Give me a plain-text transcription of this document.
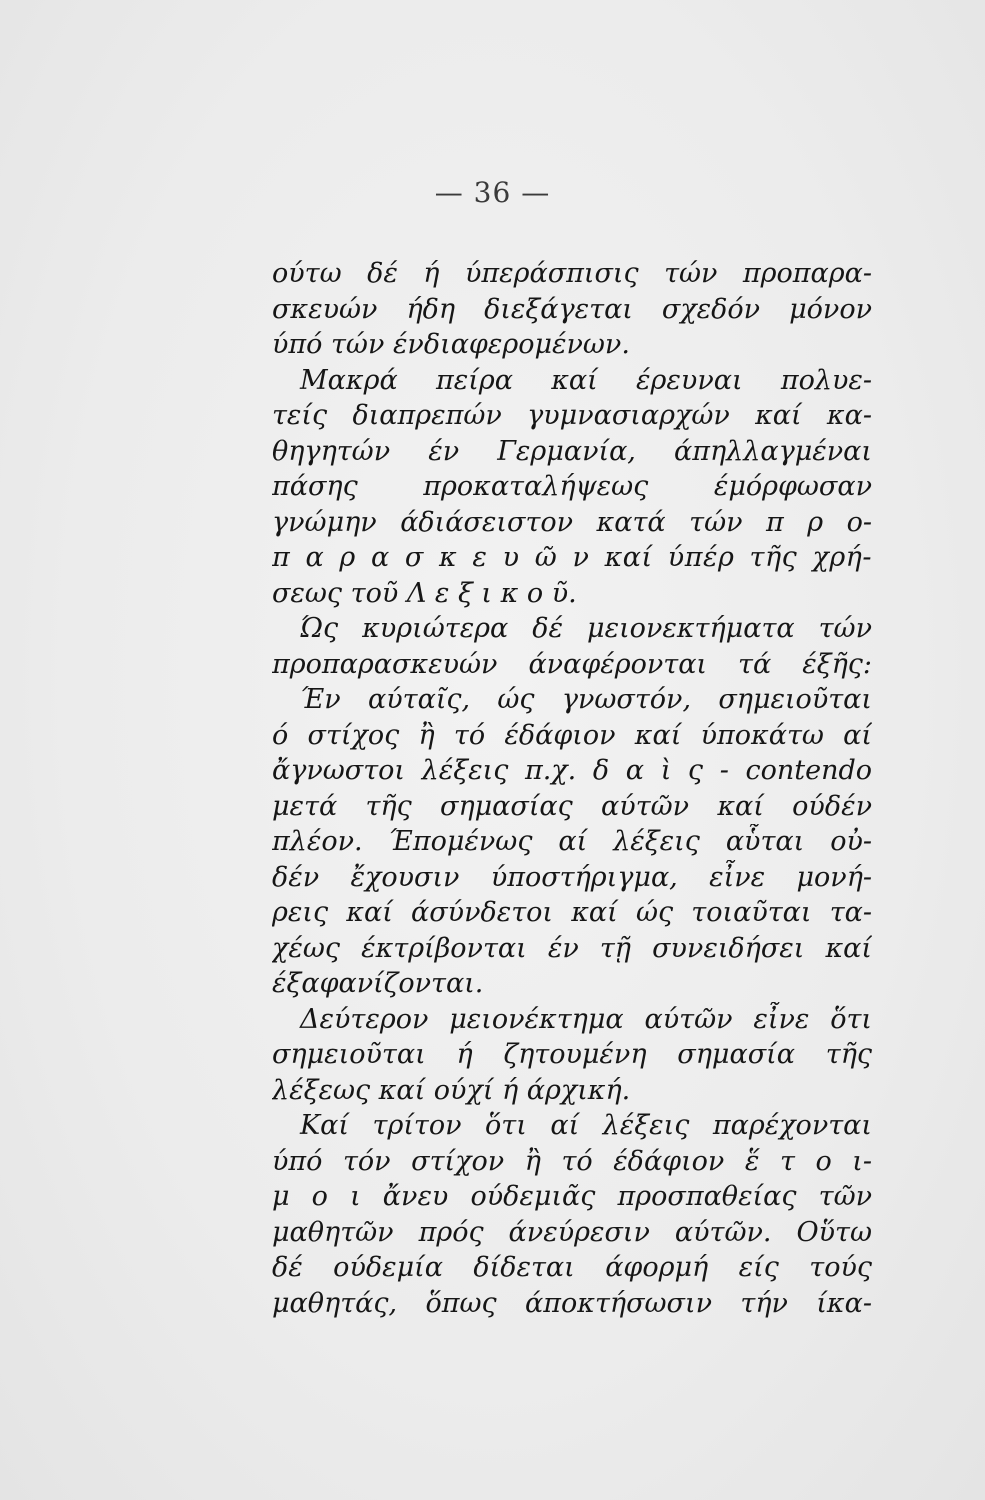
— 36 —
ούτω δέ ή ύπεράσπισις τών προπαρα-
σκευών ήδη διεξάγεται σχεδόν μόνον
ύπό τών ένδιαφερομένων.
Μακρά πείρα καί έρευναι πολυε-
τείς διαπρεπών γυμνασιαρχών καί κα-
θηγητών έν Γερμανία, άπηλλαγμέναι
πάσης προκαταλήψεως έμόρφωσαν
γνώμην άδιάσειστον κατά τών π ρ ο-
π α ρ α σ κ ε υ ῶ ν καί ύπέρ τῆς χρή-
σεως τοῦ Λ ε ξ ι κ ο ῦ.
Ώς κυριώτερα δέ μειονεκτήματα τών
προπαρασκευών άναφέρονται τά έξῆς:
Έν αύταῖς, ώς γνωστόν, σημειοῦται
ό στίχος ἢ τό έδάφιον καί ύποκάτω αί
ἄγνωστοι λέξεις π.χ. δ α ὶ ς - contendo
μετά τῆς σημασίας αύτῶν καί ούδέν
πλέον. Έπομένως αί λέξεις αὗται οὐ-
δέν ἔχουσιν ύποστήριγμα, εἶνε μονή-
ρεις καί άσύνδετοι καί ώς τοιαῦται τα-
χέως έκτρίβονται έν τῇ συνειδήσει καί
έξαφανίζονται.
Δεύτερον μειονέκτημα αύτῶν εἶνε ὅτι
σημειοῦται ή ζητουμένη σημασία τῆς
λέξεως καί ούχί ή άρχική.
Καί τρίτον ὅτι αί λέξεις παρέχονται
ύπό τόν στίχον ἢ τό έδάφιον ἕ τ ο ι-
μ ο ι ἄνευ ούδεμιᾶς προσπαθείας τῶν
μαθητῶν πρός άνεύρεσιν αύτῶν. Οὕτω
δέ ούδεμία δίδεται άφορμή είς τούς
μαθητάς, ὅπως άποκτήσωσιν τήν ίκα-
